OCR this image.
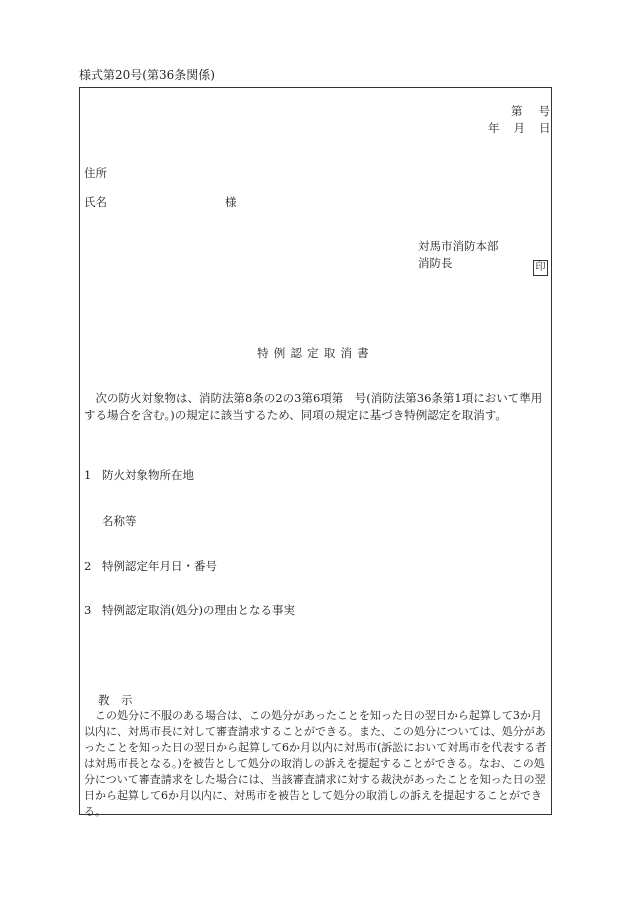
様式第20号(第36条関係)
第 号
年 月 日
住所
氏名	様
対馬市消防本部
消防長	印
特例認定取消書
次の防火対象物は、消防法第8条の2の3第6項第　号(消防法第36条第1項において準用する場合を含む。)の規定に該当するため、同項の規定に基づき特例認定を取消す。
1 防火対象物所在地
名称等
2 特例認定年月日・番号
3 特例認定取消(処分)の理由となる事実
教　示
この処分に不服のある場合は、この処分があったことを知った日の翌日から起算して3か月以内に、対馬市長に対して審査請求することができる。また、この処分については、処分があったことを知った日の翌日から起算して6か月以内に対馬市(訴訟において対馬市を代表する者は対馬市長となる。)を被告として処分の取消しの訴えを提起することができる。なお、この処分について審査請求をした場合には、当該審査請求に対する裁決があったことを知った日の翌日から起算して6か月以内に、対馬市を被告として処分の取消しの訴えを提起することができる。
